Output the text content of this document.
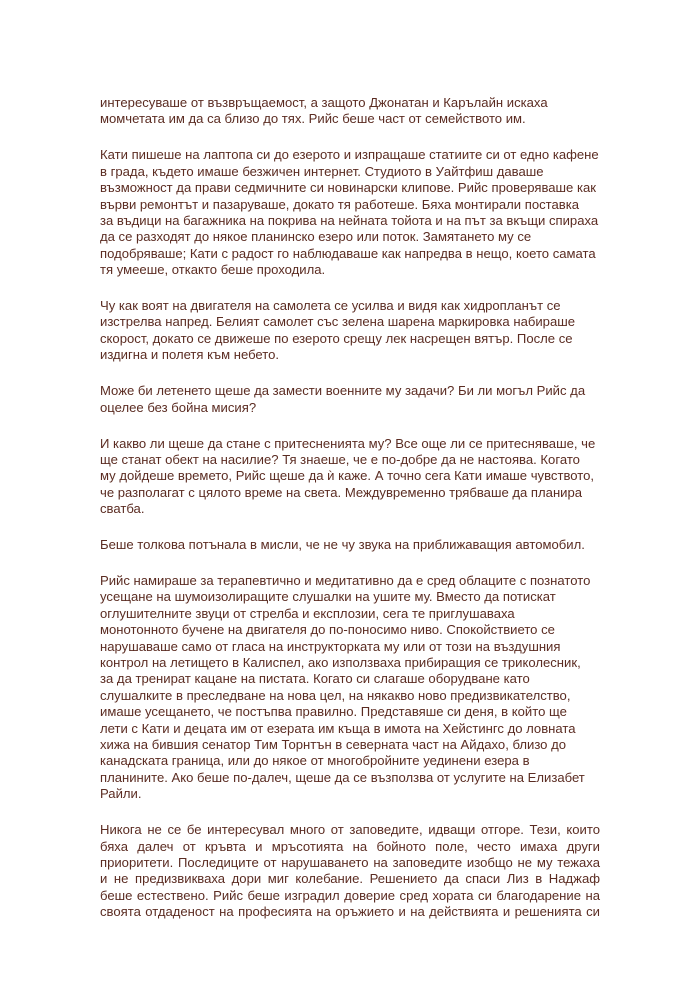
интересуваше от възвръщаемост, а защото Джонатан и Карълайн искаха
момчетата им да са близо до тях. Рийс беше част от семейството им.

Кати пишеше на лаптопа си до езерото и изпращаше статиите си от едно кафене
в града, където имаше безжичен интернет. Студиото в Уайтфиш даваше
възможност да прави седмичните си новинарски клипове. Рийс проверяваше как
върви ремонтът и пазаруваше, докато тя работеше. Бяха монтирали поставка
за въдици на багажника на покрива на нейната тойота и на път за вкъщи спираха
да се разходят до някое планинско езеро или поток. Замятането му се
подобряваше; Кати с радост го наблюдаваше как напредва в нещо, което самата
тя умееше, откакто беше проходила.

Чу как воят на двигателя на самолета се усилва и видя как хидропланът се
изстрелва напред. Белият самолет със зелена шарена маркировка набираше
скорост, докато се движеше по езерото срещу лек насрещен вятър. После се
издигна и полетя към небето.

Може би летенето щеше да замести военните му задачи? Би ли могъл Рийс да
оцелее без бойна мисия?

И какво ли щеше да стане с притесненията му? Все още ли се притесняваше, че
ще станат обект на насилие? Тя знаеше, че е по-добре да не настоява. Когато
му дойдеше времето, Рийс щеше да ѝ каже. А точно сега Кати имаше чувството,
че разполагат с цялото време на света. Междувременно трябваше да планира
сватба.

Беше толкова потънала в мисли, че не чу звука на приближаващия автомобил.

Рийс намираше за терапевтично и медитативно да е сред облаците с познатото
усещане на шумоизолиращите слушалки на ушите му. Вместо да потискат
оглушителните звуци от стрелба и експлозии, сега те приглушаваха
монотонното бучене на двигателя до по-поносимо ниво. Спокойствието се
нарушаваше само от гласа на инструкторката му или от този на въздушния
контрол на летището в Калиспел, ако използваха прибиращия се триколесник,
за да тренират кацане на пистата. Когато си слагаше оборудване като
слушалките в преследване на нова цел, на някакво ново предизвикателство,
имаше усещането, че постъпва правилно. Представяше си деня, в който ще
лети с Кати и децата им от езерата им къща в имота на Хейстингс до ловната
хижа на бившия сенатор Тим Торнтън в северната част на Айдахо, близо до
канадската граница, или до някое от многобройните уединени езера в
планините. Ако беше по-далеч, щеше да се възползва от услугите на Елизабет
Райли.

Никога не се бе интересувал много от заповедите, идващи отгоре. Тези, които
бяха далеч от кръвта и мръсотията на бойното поле, често имаха други
приоритети. Последиците от нарушаването на заповедите изобщо не му тежаха
и не предизвикваха дори миг колебание. Решението да спаси Лиз в Наджаф
беше естествено. Рийс беше изградил доверие сред хората си благодарение на
своята отдаденост на професията на оръжието и на действията и решенията си
